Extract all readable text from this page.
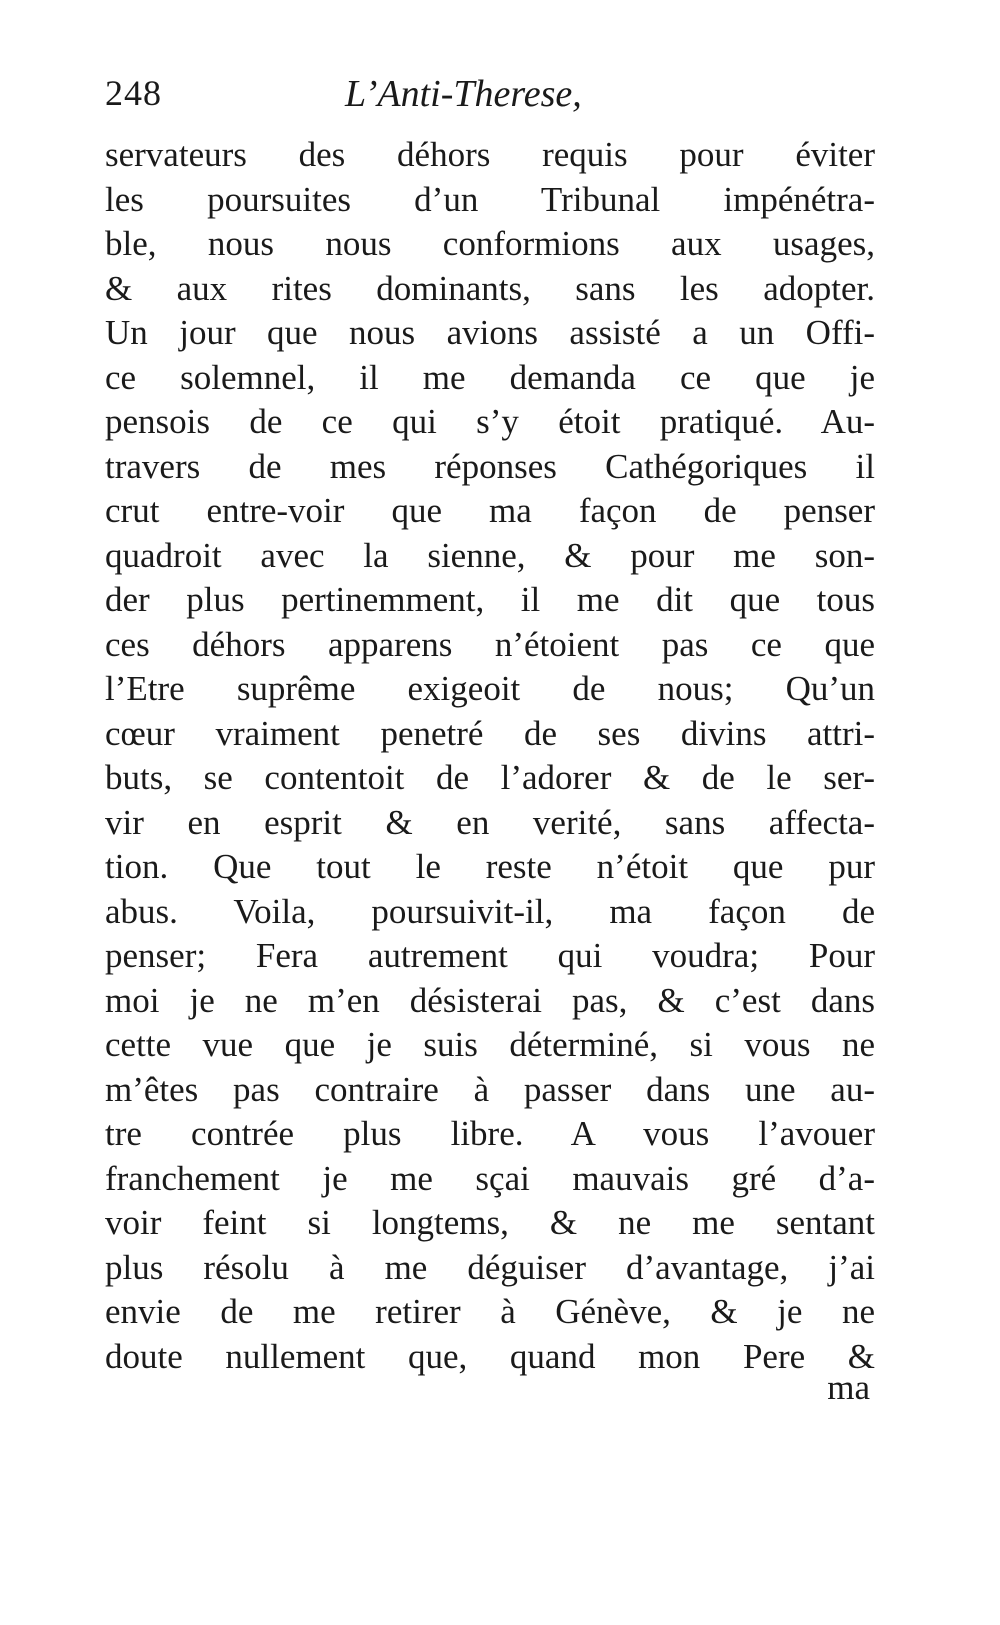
248	L’Anti-Therese,
servateurs des déhors requis pour éviter
les poursuites d’un Tribunal impénétra-
ble, nous nous conformions aux usages,
& aux rites dominants, sans les adopter.
Un jour que nous avions assisté a un Offi-
ce solemnel, il me demanda ce que je
pensois de ce qui s’y étoit pratiqué. Au-
travers de mes réponses Cathégoriques il
crut entre-voir que ma façon de penser
quadroit avec la sienne, & pour me son-
der plus pertinemment, il me dit que tous
ces déhors apparens n’étoient pas ce que
l’Etre suprême exigeoit de nous; Qu’un
cœur vraiment penetré de ses divins attri-
buts, se contentoit de l’adorer & de le ser-
vir en esprit & en verité, sans affecta-
tion. Que tout le reste n’étoit que pur
abus. Voila, poursuivit-il, ma façon de
penser; Fera autrement qui voudra; Pour
moi je ne m’en désisterai pas, & c’est dans
cette vue que je suis déterminé, si vous ne
m’êtes pas contraire à passer dans une au-
tre contrée plus libre. A vous l’avouer
franchement je me sçai mauvais gré d’a-
voir feint si longtems, & ne me sentant
plus résolu à me déguiser d’avantage, j’ai
envie de me retirer à Génève, & je ne
doute nullement que, quand mon Pere &
ma
